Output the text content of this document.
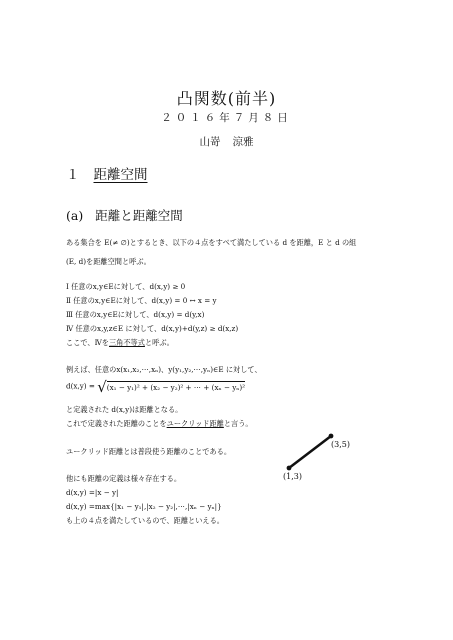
凸関数(前半)
２０１６年７月８日
山嵜 涼雅
１ 距離空間
(a) 距離と距離空間
ある集合を E(≠ ∅)とするとき、以下の４点をすべて満たしている d を距離，E と d の組
(E, d)を距離空間と呼ぶ。
Ⅰ 任意のx,y∈Eに対して、d(x,y) ≥ 0
Ⅱ 任意のx,y∈Eに対して、d(x,y) = 0 ↔ x = y
Ⅲ 任意のx,y∈Eに対して、d(x,y) = d(y,x)
Ⅳ 任意のx,y,z∈E に対して、d(x,y)+d(y,z) ≥ d(x,z)
ここで、Ⅳを三角不等式と呼ぶ。
例えば、任意のx(x₁,x₂,⋯,xₙ)、y(y₁,y₂,⋯,yₙ)∈E に対して、
d(x,y) = √(x₁ − y₁)² + (x₂ − y₂)² + ⋯ + (xₙ − yₙ)²
と定義された d(x,y)は距離となる。
これで定義された距離のことをユークリッド距離と言う。
ユークリッド距離とは普段使う距離のことである。
他にも距離の定義は様々存在する。
d(x,y) =|x − y|
d(x,y) =max{|x₁ − y₁|,|x₂ − y₂|,⋯,|xₙ − yₙ|}
も上の４点を満たしているので、距離といえる。
(1,3)
(3,5)
